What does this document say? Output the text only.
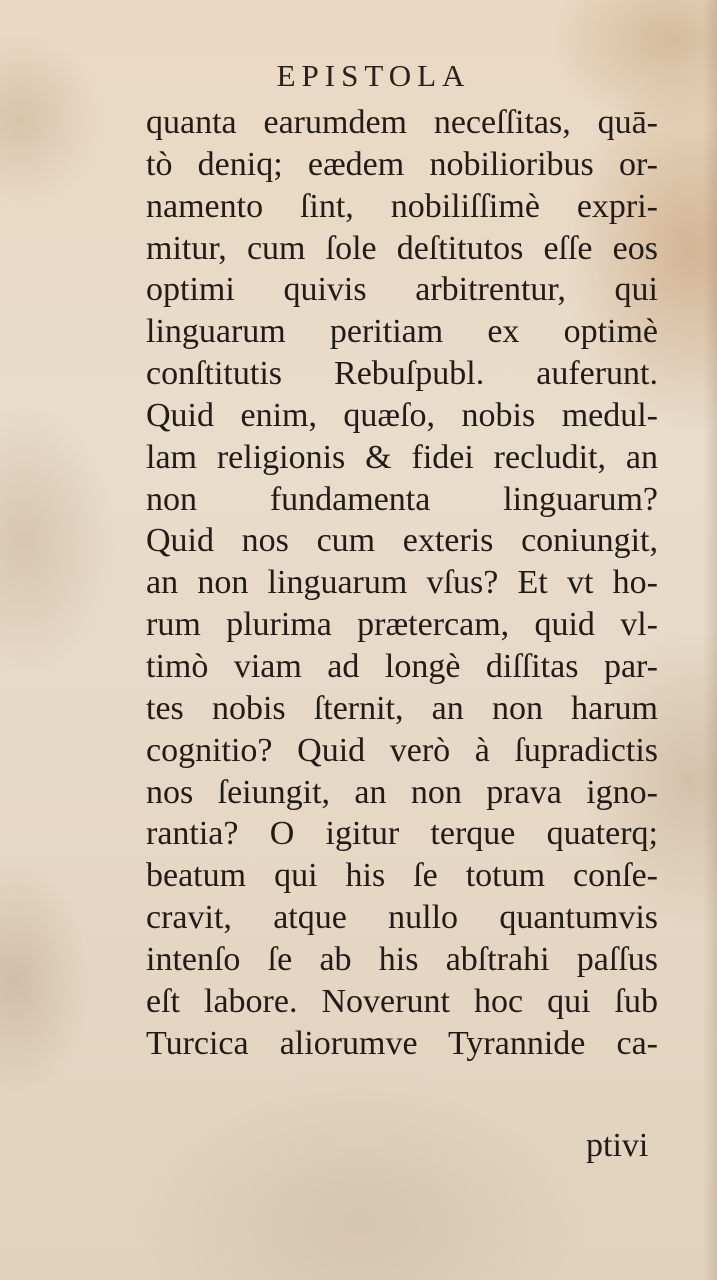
EPISTOLA
quanta earumdem neceſſitas, quā-
tò deniq; eædem nobilioribus or-
namento ſint, nobiliſſimè expri-
mitur, cum ſole deſtitutos eſſe eos
optimi quivis arbitrentur, qui
linguarum peritiam ex optimè
conſtitutis Rebuſpubl. auferunt.
Quid enim, quæſo, nobis medul-
lam religionis & fidei recludit, an
non fundamenta linguarum?
Quid nos cum exteris coniungit,
an non linguarum vſus? Et vt ho-
rum plurima prætercam, quid vl-
timò viam ad longè diſſitas par-
tes nobis ſternit, an non harum
cognitio? Quid verò à ſupradictis
nos ſeiungit, an non prava igno-
rantia? O igitur terque quaterq;
beatum qui his ſe totum conſe-
cravit, atque nullo quantumvis
intenſo ſe ab his abſtrahi paſſus
eſt labore. Noverunt hoc qui ſub
Turcica aliorumve Tyrannide ca-
ptivi
